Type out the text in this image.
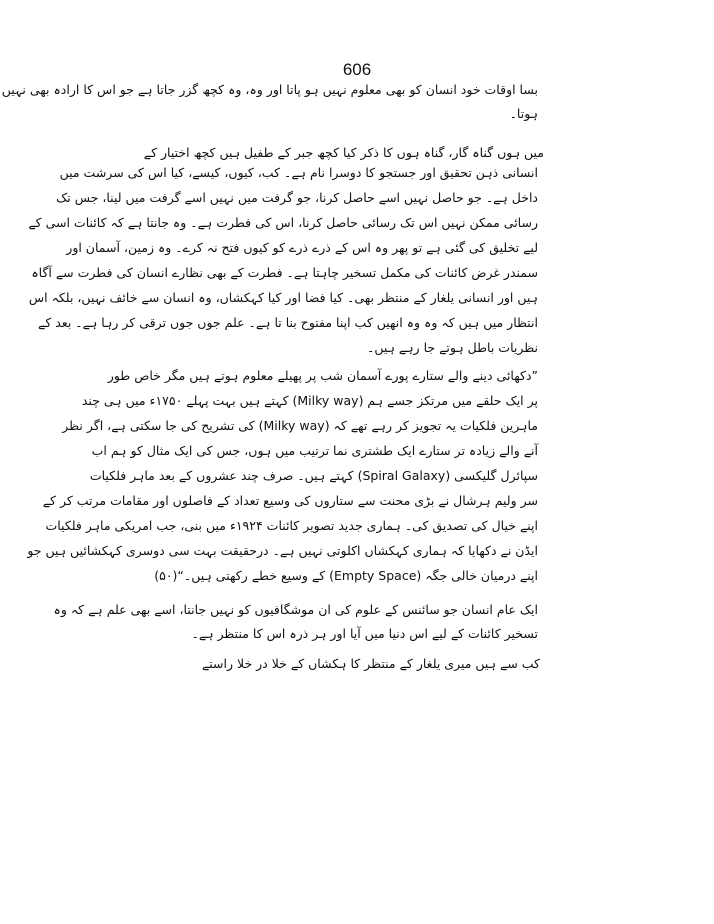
606
بسا اوقات خود انسان کو بھی معلوم نہیں ہو پاتا اور وہ، وہ کچھ گزر جاتا ہے جو اس کا ارادہ بھی نہیں
ہوتا۔
میں ہوں گناہ گار، گناہ ہوں کا ذکر کیا کچھ جبر کے طفیل ہیں کچھ اختیار کے
انسانی ذہن تحقیق اور جستجو کا دوسرا نام ہے۔ کب، کیوں، کیسے، کیا اس کی سرشت میں
داخل ہے۔ جو حاصل نہیں اسے حاصل کرنا، جو گرفت میں نہیں اسے گرفت میں لینا، جس تک
رسائی ممکن نہیں اس تک رسائی حاصل کرنا، اس کی فطرت ہے۔ وہ جانتا ہے کہ کائنات اسی کے
لیے تخلیق کی گئی ہے تو پھر وہ اس کے ذرے ذرے کو کیوں فتح نہ کرے۔ وہ زمین، آسمان اور
سمندر غرض کائنات کی مکمل تسخیر چاہتا ہے۔ فطرت کے بھی نظارے انسان کی فطرت سے آگاہ
ہیں اور انسانی یلغار کے منتظر بھی۔ کیا فضا اور کیا کہکشاں، وہ انسان سے خائف نہیں، بلکہ اس
انتظار میں ہیں کہ وہ وہ انھیں کب اپنا مفتوح بنا تا ہے۔ علم جوں جوں ترقی کر رہا ہے۔ بعد کے
نظریات باطل ہوتے جا رہے ہیں۔
”دکھائی دینے والے ستارے پورے آسمان شب پر پھیلے معلوم ہوتے ہیں مگر خاص طور
پر ایک حلقے میں مرتکز جسے ہم (Milky way) کہتے ہیں بہت پہلے ۱۷۵۰ء میں ہی چند
ماہرین فلکیات یہ تجویز کر رہے تھے کہ (Milky way) کی تشریح کی جا سکتی ہے، اگر نظر
آنے والے زیادہ تر ستارے ایک طشتری نما ترتیب میں ہوں، جس کی ایک مثال کو ہم اب
سپائرل گلیکسی (Spiral Galaxy) کہتے ہیں۔ صرف چند عشروں کے بعد ماہر فلکیات
سر ولیم ہرشال نے بڑی محنت سے ستاروں کی وسیع تعداد کے فاصلوں اور مقامات مرتب کر کے
اپنے خیال کی تصدیق کی۔ ہماری جدید تصویر کائنات ۱۹۲۴ء میں بنی، جب امریکی ماہر فلکیات
ایڈن نے دکھایا کہ ہماری کہکشاں اکلوتی نہیں ہے۔ درحقیقت بہت سی دوسری کہکشائیں ہیں جو
اپنے درمیان خالی جگہ (Empty Space) کے وسیع خطے رکھتی ہیں۔“(۵۰)
ایک عام انسان جو سائنس کے علوم کی ان موشگافیوں کو نہیں جانتا، اسے بھی علم ہے کہ وہ
تسخیر کائنات کے لیے اس دنیا میں آیا اور ہر ذرہ اس کا منتظر ہے۔
کب سے ہیں میری یلغار کے منتظر کا ہکشاں کے خلا در خلا راستے
